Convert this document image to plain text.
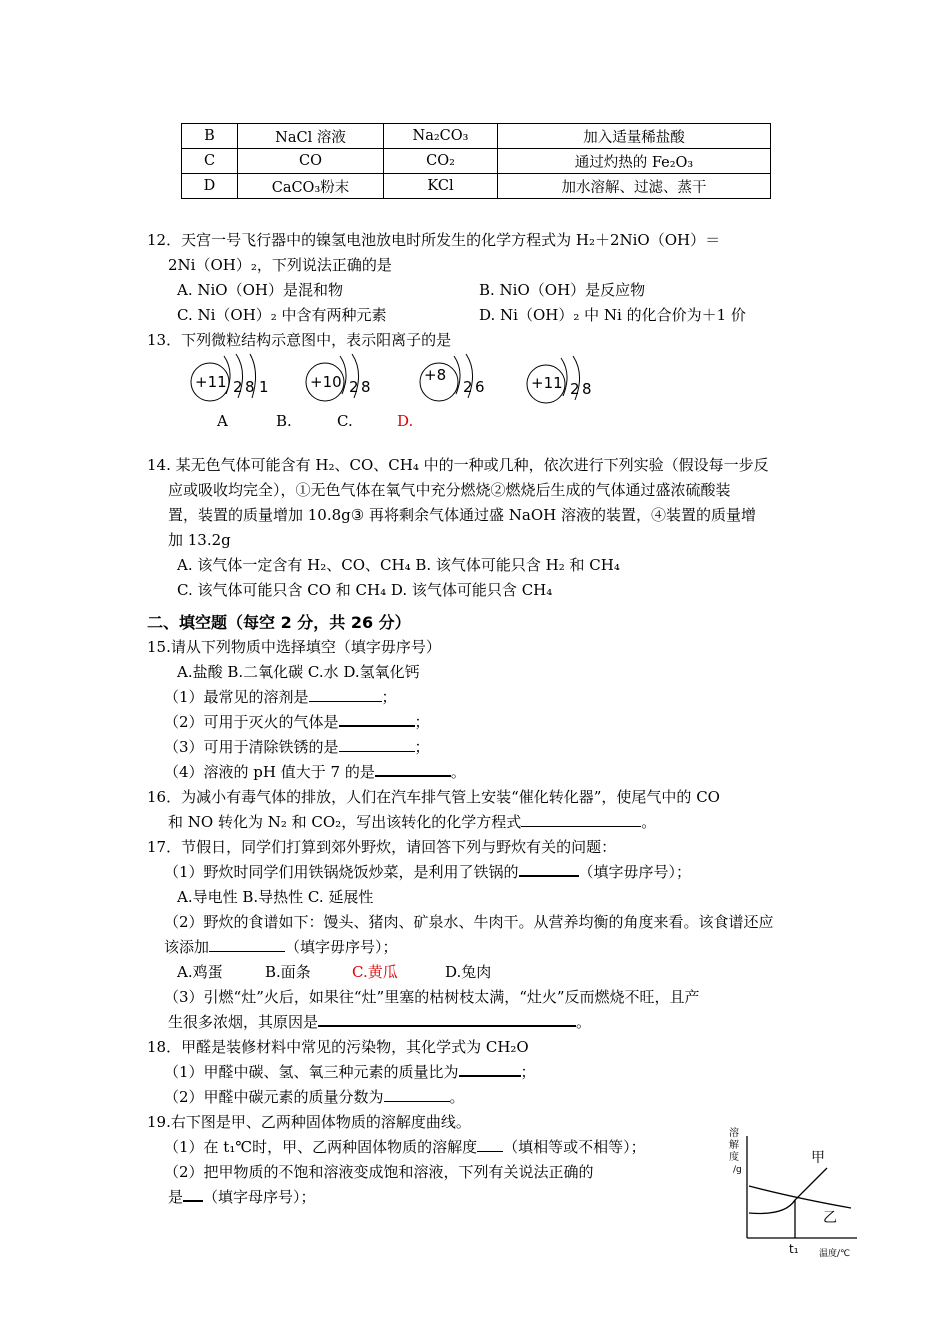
B	NaCl 溶液	Na₂CO₃	加入适量稀盐酸
C	CO	CO₂	通过灼热的 Fe₂O₃
D	CaCO₃粉末	KCl	加水溶解、过滤、蒸干
12．天宫一号飞行器中的镍氢电池放电时所发生的化学方程式为 H₂＋2NiO（OH）＝
2Ni（OH）₂，下列说法正确的是
A. NiO（OH）是混和物	B. NiO（OH）是反应物
C. Ni（OH）₂ 中含有两种元素	D. Ni（OH）₂ 中 Ni 的化合价为＋1 价
13．下列微粒结构示意图中，表示阳离子的是
+11 2 8 1	+10 2 8
+8
2 6	+11 2 8
A	B.	C.	D.
14. 某无色气体可能含有 H₂、CO、CH₄ 中的一种或几种，依次进行下列实验（假设每一步反
应或吸收均完全），①无色气体在氧气中充分燃烧②燃烧后生成的气体通过盛浓硫酸装
置，装置的质量增加 10.8g③ 再将剩余气体通过盛 NaOH 溶液的装置，④装置的质量增
加 13.2g
A. 该气体一定含有 H₂、CO、CH₄ B. 该气体可能只含 H₂ 和 CH₄
C. 该气体可能只含 CO 和 CH₄ D. 该气体可能只含 CH₄
二、填空题（每空 2 分，共 26 分）
15.请从下列物质中选择填空（填字毋序号）
A.盐酸 B.二氧化碳 C.水 D.氢氧化钙
（1）最常见的溶剂是	；
（2）可用于灭火的气体是	；
（3）可用于清除铁锈的是	；
（4）溶液的 pH 值大于 7 的是	。
16．为减小有毒气体的排放，人们在汽车排气管上安装“催化转化器”，使尾气中的 CO
和 NO 转化为 N₂ 和 CO₂，写出该转化的化学方程式	。
17．节假日，同学们打算到郊外野炊，请回答下列与野炊有关的问题：
（1）野炊时同学们用铁锅烧饭炒菜，是利用了铁锅的	（填字毋序号）；
A.导电性 B.导热性 C. 延展性
（2）野炊的食谱如下：馒头、猪肉、矿泉水、牛肉干。从营养均衡的角度来看。该食谱还应
该添加	（填字毋序号）；
A.鸡蛋	B.面条	C.黄瓜	D.兔肉
（3）引燃“灶”火后，如果往“灶”里塞的枯树枝太满，“灶火”反而燃烧不旺，且产
生很多浓烟，其原因是	。
18．甲醛是装修材料中常见的污染物，其化学式为 CH₂O
（1）甲醛中碳、氢、氧三种元素的质量比为	；
（2）甲醛中碳元素的质量分数为	。
19.右下图是甲、乙两种固体物质的溶解度曲线。
（1）在 t₁℃时，甲、乙两种固体物质的溶解度 （填相等或不相等）；
（2）把甲物质的不饱和溶液变成饱和溶液，下列有关说法正确的
是 （填字母序号）；
溶
解
度
/g
甲
乙
t₁ 温度/℃
